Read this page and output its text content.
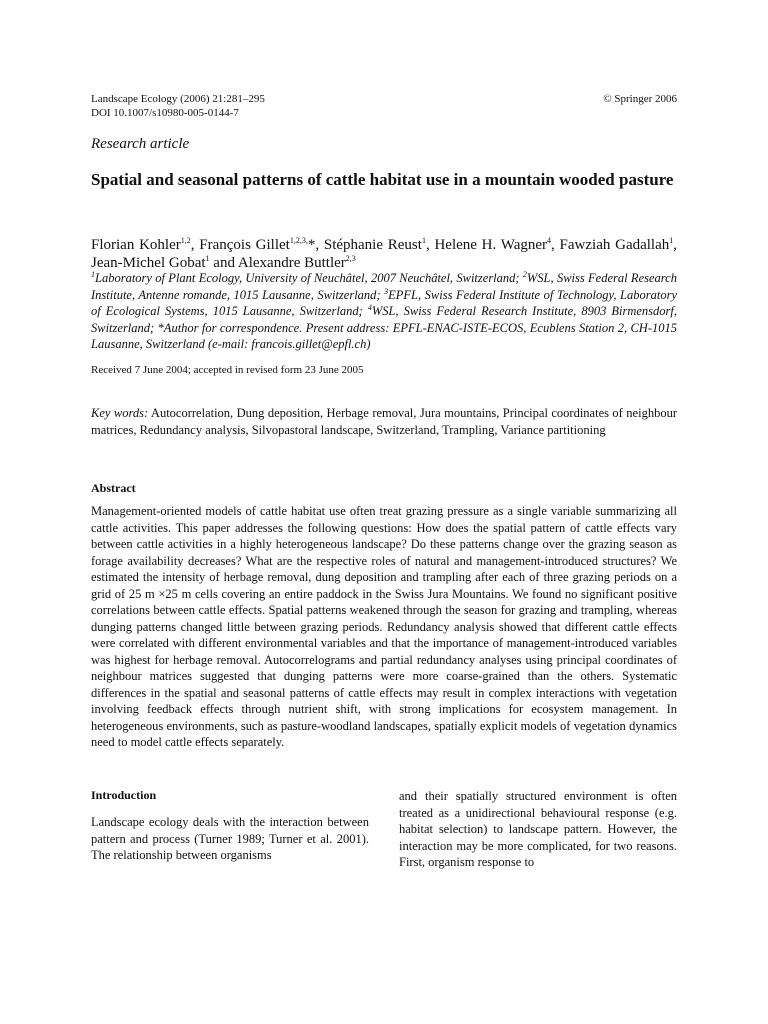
Landscape Ecology (2006) 21:281–295
DOI 10.1007/s10980-005-0144-7
© Springer 2006
Research article
Spatial and seasonal patterns of cattle habitat use in a mountain wooded pasture
Florian Kohler$^{1,2}$, François Gillet$^{1,2,3,}$*, Stéphanie Reust$^1$, Helene H. Wagner$^4$, Fawziah Gadallah$^1$, Jean-Michel Gobat$^1$ and Alexandre Buttler$^{2,3}$
$^1$Laboratory of Plant Ecology, University of Neuchâtel, 2007 Neuchâtel, Switzerland; $^2$WSL, Swiss Federal Research Institute, Antenne romande, 1015 Lausanne, Switzerland; $^3$EPFL, Swiss Federal Institute of Technology, Laboratory of Ecological Systems, 1015 Lausanne, Switzerland; $^4$WSL, Swiss Federal Research Institute, 8903 Birmensdorf, Switzerland; *Author for correspondence. Present address: EPFL-ENAC-ISTE-ECOS, Ecublens Station 2, CH-1015 Lausanne, Switzerland (e-mail: francois.gillet@epfl.ch)
Received 7 June 2004; accepted in revised form 23 June 2005
Key words: Autocorrelation, Dung deposition, Herbage removal, Jura mountains, Principal coordinates of neighbour matrices, Redundancy analysis, Silvopastoral landscape, Switzerland, Trampling, Variance partitioning
Abstract
Management-oriented models of cattle habitat use often treat grazing pressure as a single variable summarizing all cattle activities. This paper addresses the following questions: How does the spatial pattern of cattle effects vary between cattle activities in a highly heterogeneous landscape? Do these patterns change over the grazing season as forage availability decreases? What are the respective roles of natural and management-introduced structures? We estimated the intensity of herbage removal, dung deposition and trampling after each of three grazing periods on a grid of 25 m ×25 m cells covering an entire paddock in the Swiss Jura Mountains. We found no significant positive correlations between cattle effects. Spatial patterns weakened through the season for grazing and trampling, whereas dunging patterns changed little between grazing periods. Redundancy analysis showed that different cattle effects were correlated with different environmental variables and that the importance of management-introduced variables was highest for herbage removal. Autocorrelograms and partial redundancy analyses using principal coordinates of neighbour matrices suggested that dunging patterns were more coarse-grained than the others. Systematic differences in the spatial and seasonal patterns of cattle effects may result in complex interactions with vegetation involving feedback effects through nutrient shift, with strong implications for ecosystem management. In heterogeneous environments, such as pasture-woodland landscapes, spatially explicit models of vegetation dynamics need to model cattle effects separately.
Introduction
Landscape ecology deals with the interaction between pattern and process (Turner 1989; Turner et al. 2001). The relationship between organisms
and their spatially structured environment is often treated as a unidirectional behavioural response (e.g. habitat selection) to landscape pattern. However, the interaction may be more complicated, for two reasons. First, organism response to
